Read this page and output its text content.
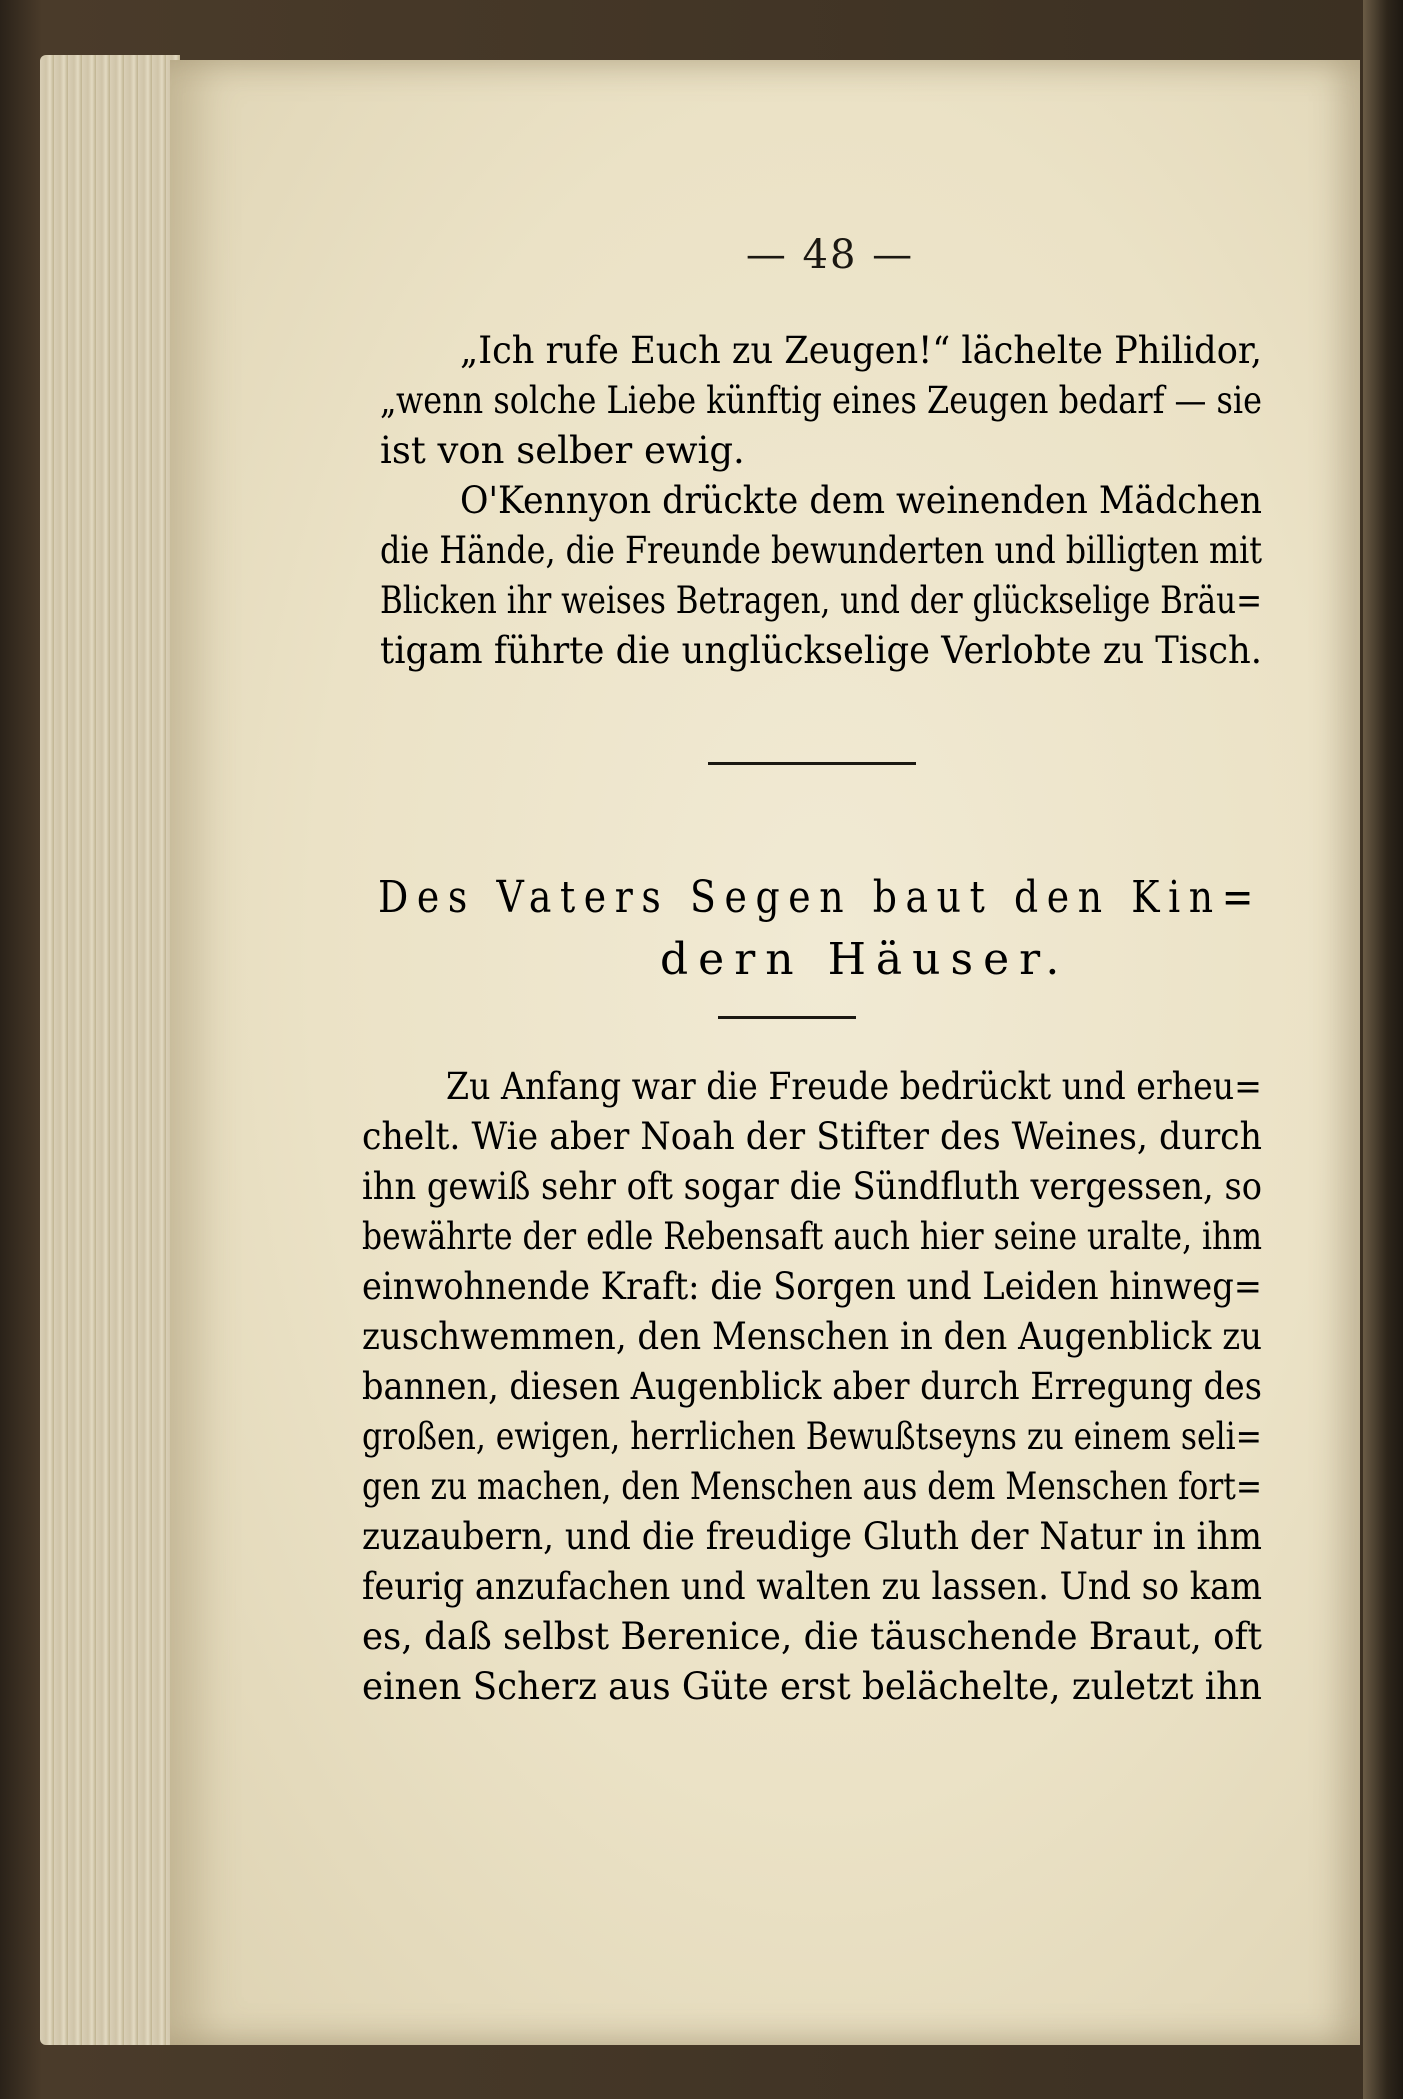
— 48 —
„Ich rufe Euch zu Zeugen!“ lächelte Philidor,
„wenn solche Liebe künftig eines Zeugen bedarf — sie
ist von selber ewig.
O'Kennyon drückte dem weinenden Mädchen
die Hände, die Freunde bewunderten und billigten mit
Blicken ihr weises Betragen, und der glückselige Bräu=
tigam führte die unglückselige Verlobte zu Tisch.
Des Vaters Segen baut den Kin=
dern Häuser.
Zu Anfang war die Freude bedrückt und erheu=
chelt. Wie aber Noah der Stifter des Weines, durch
ihn gewiß sehr oft sogar die Sündfluth vergessen, so
bewährte der edle Rebensaft auch hier seine uralte, ihm
einwohnende Kraft: die Sorgen und Leiden hinweg=
zuschwemmen, den Menschen in den Augenblick zu
bannen, diesen Augenblick aber durch Erregung des
großen, ewigen, herrlichen Bewußtseyns zu einem seli=
gen zu machen, den Menschen aus dem Menschen fort=
zuzaubern, und die freudige Gluth der Natur in ihm
feurig anzufachen und walten zu lassen. Und so kam
es, daß selbst Berenice, die täuschende Braut, oft
einen Scherz aus Güte erst belächelte, zuletzt ihn
